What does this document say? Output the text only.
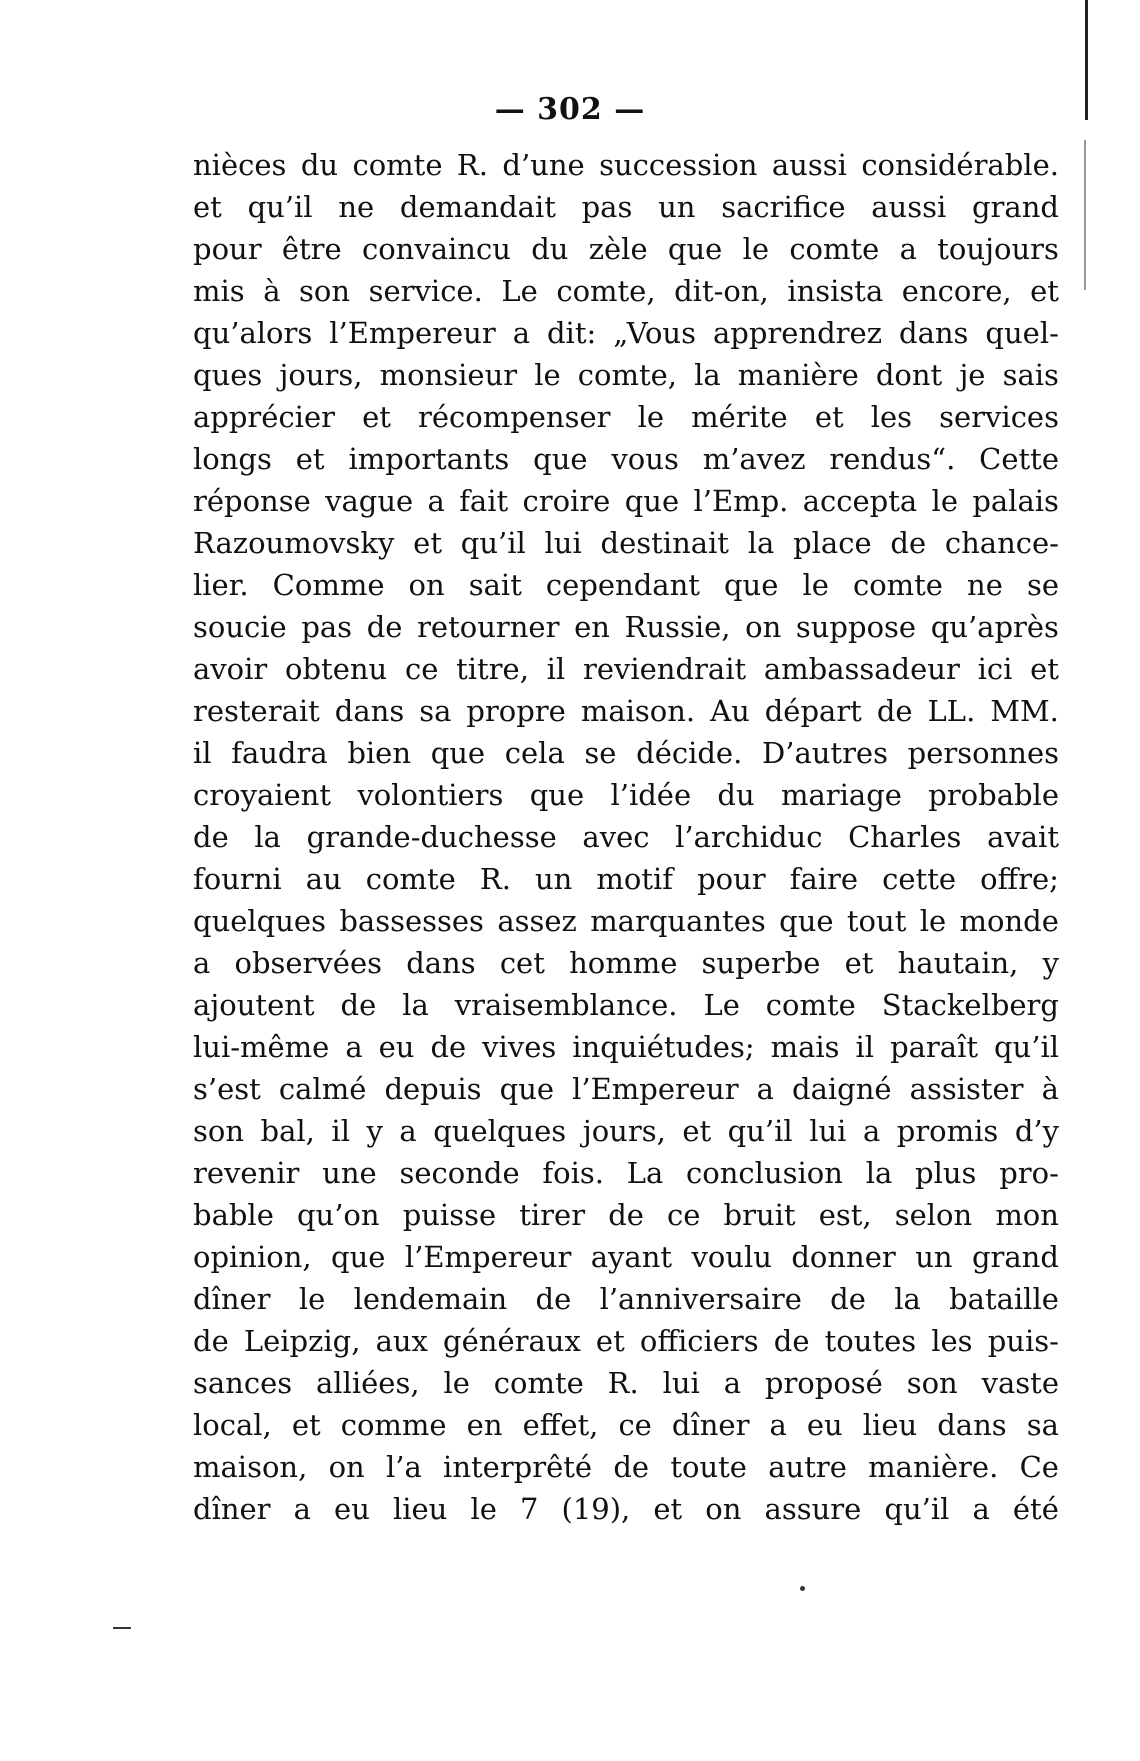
— 302 —
nièces du comte R. d’une succession aussi considérable.
et qu’il ne demandait pas un sacrifice aussi grand
pour être convaincu du zèle que le comte a toujours
mis à son service. Le comte, dit-on, insista encore, et
qu’alors l’Empereur a dit: „Vous apprendrez dans quel-
ques jours, monsieur le comte, la manière dont je sais
apprécier et récompenser le mérite et les services
longs et importants que vous m’avez rendus“. Cette
réponse vague a fait croire que l’Emp. accepta le palais
Razoumovsky et qu’il lui destinait la place de chance-
lier. Comme on sait cependant que le comte ne se
soucie pas de retourner en Russie, on suppose qu’après
avoir obtenu ce titre, il reviendrait ambassadeur ici et
resterait dans sa propre maison. Au départ de LL. MM.
il faudra bien que cela se décide. D’autres personnes
croyaient volontiers que l’idée du mariage probable
de la grande-duchesse avec l’archiduc Charles avait
fourni au comte R. un motif pour faire cette offre;
quelques bassesses assez marquantes que tout le monde
a observées dans cet homme superbe et hautain, y
ajoutent de la vraisemblance. Le comte Stackelberg
lui-même a eu de vives inquiétudes; mais il paraît qu’il
s’est calmé depuis que l’Empereur a daigné assister à
son bal, il y a quelques jours, et qu’il lui a promis d’y
revenir une seconde fois. La conclusion la plus pro-
bable qu’on puisse tirer de ce bruit est, selon mon
opinion, que l’Empereur ayant voulu donner un grand
dîner le lendemain de l’anniversaire de la bataille
de Leipzig, aux généraux et officiers de toutes les puis-
sances alliées, le comte R. lui a proposé son vaste
local, et comme en effet, ce dîner a eu lieu dans sa
maison, on l’a interprêté de toute autre manière. Ce
dîner a eu lieu le 7 (19), et on assure qu’il a été
